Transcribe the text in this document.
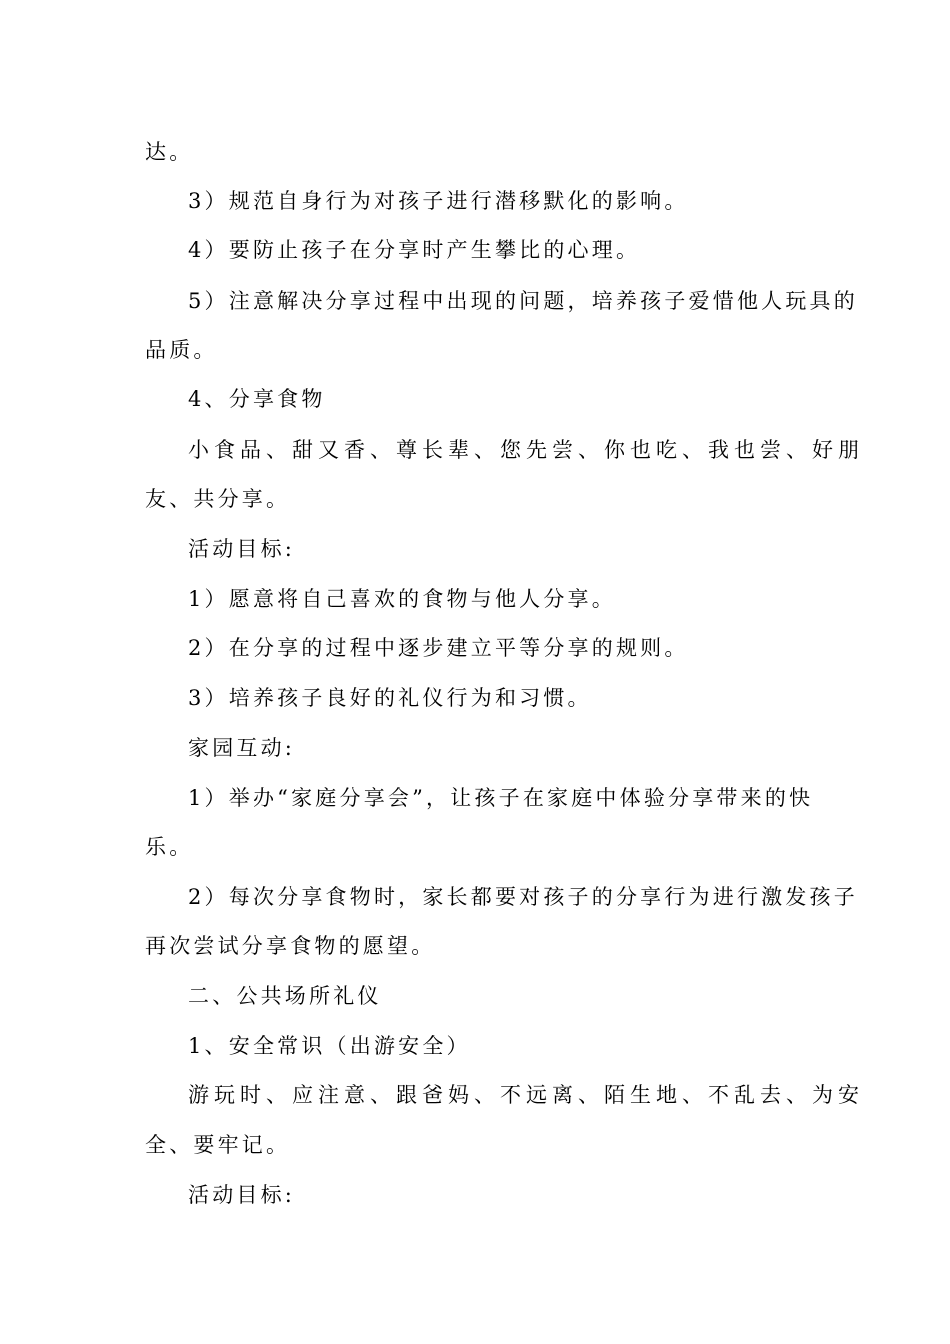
达。
3）规范自身行为对孩子进行潜移默化的影响。
4）要防止孩子在分享时产生攀比的心理。
5）注意解决分享过程中出现的问题，培养孩子爱惜他人玩具的
品质。
4、分享食物
小食品、甜又香、尊长辈、您先尝、你也吃、我也尝、好朋
友、共分享。
活动目标:
1）愿意将自己喜欢的食物与他人分享。
2）在分享的过程中逐步建立平等分享的规则。
3）培养孩子良好的礼仪行为和习惯。
家园互动:
1）举办“家庭分享会”，让孩子在家庭中体验分享带来的快
乐。
2）每次分享食物时，家长都要对孩子的分享行为进行激发孩子
再次尝试分享食物的愿望。
二、公共场所礼仪
1、安全常识（出游安全）
游玩时、应注意、跟爸妈、不远离、陌生地、不乱去、为安
全、要牢记。
活动目标:
